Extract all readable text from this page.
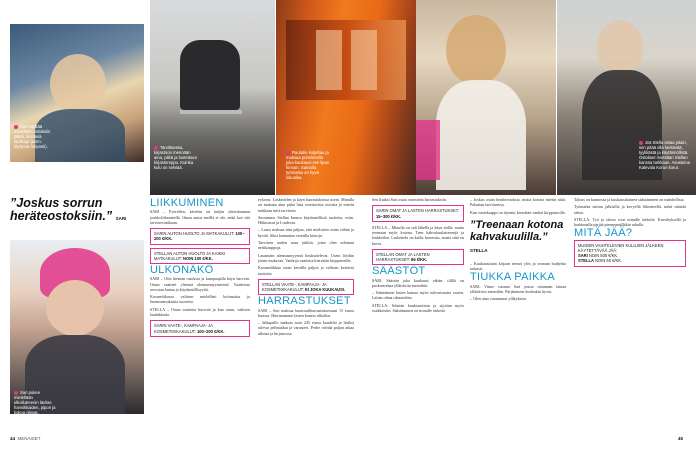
Sari käyttää mielellään ostoksiin pitkiä, kestäviä laukkuja (esim. täyttyvät helposti).	Tarvittaessa, kirjastoon mennään aina, pitkä ja luotettava kirjastoreppu. Kuinka kulu on selviää.
Rautatie kuljettaa ja maksaa puhelimella joka kuukausi sen lipun hinnan. Samalla työmatka on hyvä lukuaika.
Jos Stella ostaa jotain, sen pitää olla kestävää, tyylikästä ja käytännöllistä. Ostokset mietitään Stellan kanssa tarkkaan. Asusteina Kalevala Korun korut.
Sari pukee mielellään ulkoilutreenin lävitse hansikkaiden, pipon ja kokoa olevat.
”Joskus sorrun heräteostoksiin.” SARI
LIIKKUMINEN

SARI – Pyöräilen, kävelen tai kuljen yhteiskunnan joukkoliikenteellä. Omaa autoa meillä ei ole, enkä koe sitä tarvitsevanikaan.

SARIN AUTON HUOLTO JA MATKAKULUT: 100–200 €/KK.
STELLAN AUTON HUOLTO JA KAIKKI MATKAKULUT: NOIN 100 €/KK.
ULKONÄKÖ

SARI – Otin hieman ostoksia ja kampaajalla käyn harvoin. Ostan vaatteet yleensä alennusmyynneistä. Vaatteissa arvostan laatua ja käytännöllisyyttä.

Kosmetiikassa valitsen mielelläni kotimaisia ja luonnonmukaisia tuotteita.

STELLA – Ostan vaatteita harvoin ja kun ostan, valitsen laadukkaita.

SARIN VAATE-, KAMPAAJA- JA KOSMETIIKKAKULUT: 100–200 €/KK.

eykorut. Laskettelen ja käyn harrastuksissa usein. Minulla on mukana aina pitkä lista ostettavista asioista ja mietin tarkkaan mitä tarvitsen.

Suosimme Stellan kanssa käytännöllisiä tuotteita, esim. Hiihtoasut ja Lindexin.

– Laatu maksaa niin paljon, että mieluiten ostan vähän ja hyvää. Siksi kannattaa vertailla hintoja.

Tarvitsen uuden asun juhliin, joten olen selannut nettikauppoja.

Lauantain alennusmyynnit houkuttelevat. Usein löydän jotain mukavaa. Vanhoja vaatteita kierrätän kirpputorille.

Kosmetiikkaa ostan kerralla paljon ja valitsen kestäviä tuotteita.

STELLAN VAATE-, KAMPAAJA- JA KOSMETIIKKAKULUT: EI JOKA KUUKAUSI.
HARRASTUKSET

SARI – Sari maksaa kuntosaliharrastuksestaan 15 euroa kuussa. Harrastamme lasten kanssa ulkoilua.

– Jalkapallo maksaa noin 245 euroa kaudelta ja lisäksi tulevat pelimatkat ja varusteet. Perhe viettää paljon aikaa ulkona ja kirjastossa.

Sen lisäksi Sari ostaa varusteita harrastuksiin.

SARIN OMAT JA LASTEN HARRASTUKSET: 15–300 €/KK.

STELLA – Minulla on sali lähellä ja käyn siellä, mutta treenaan myös kotona. Teen kahvakuulatreenejä ja lenkkeilen. Laskettelu on kallis harrastus, mutta siitä en luovu.

STELLAN OMAT JA LASTEN HARRASTUKSET: 66 €/KK.
SÄÄSTÖT

SARI: Säästän joka kuukausi vähän, tilillä on puskurirahaa yllättäviin menoihin.

– Säästämme lasten kanssa myös tulevaisuutta varten. Laitan rahaa rahastoihin.

STELLA: Säästän kuukausittain ja sijoitan myös osakkeisiin. Säästäminen on minulle tärkeää.

– Joskus ostan heräteostoksia, mutta kotona mietin niitä. Palautan tarvittaessa.

Kun vaatekaappi on täynnä, kierrätän vanhat kirpputorille.

”Treenaan kotona kahvakuulilla.” STELLA

– Kuukausittain kirjaan menot ylös ja seuraan budjettia tarkasti.

TIUKKA PAIKKA

SARI: Viime vuonna Sari joutui ottamaan lainaa yllättäviin menoihin. Pärjäsimme kuitenkin hyvin.

– Olen aina varautunut yllätyksiin.

Talous on kunnossa ja kuukausittainen säästäminen on mahdollista.

Työmatka taittuu julkisilla ja kevyellä liikenteellä, mikä säästää rahaa.

STELLA: Työ ja talous ovat minulle tärkeitä. Kierrätyksellä ja harkinnalla pärjää pienemmälläkin rahalla.

MITÄ JÄÄ?
MUIDEN VAIHTELEVIEN KULUJEN JÄLKEEN KÄYTETTÄVÄÄ JÄÄ:
SARI NOIN 500 €/KK.
STELLA NOIN 60 €/KK.
44 MENAISET	45
